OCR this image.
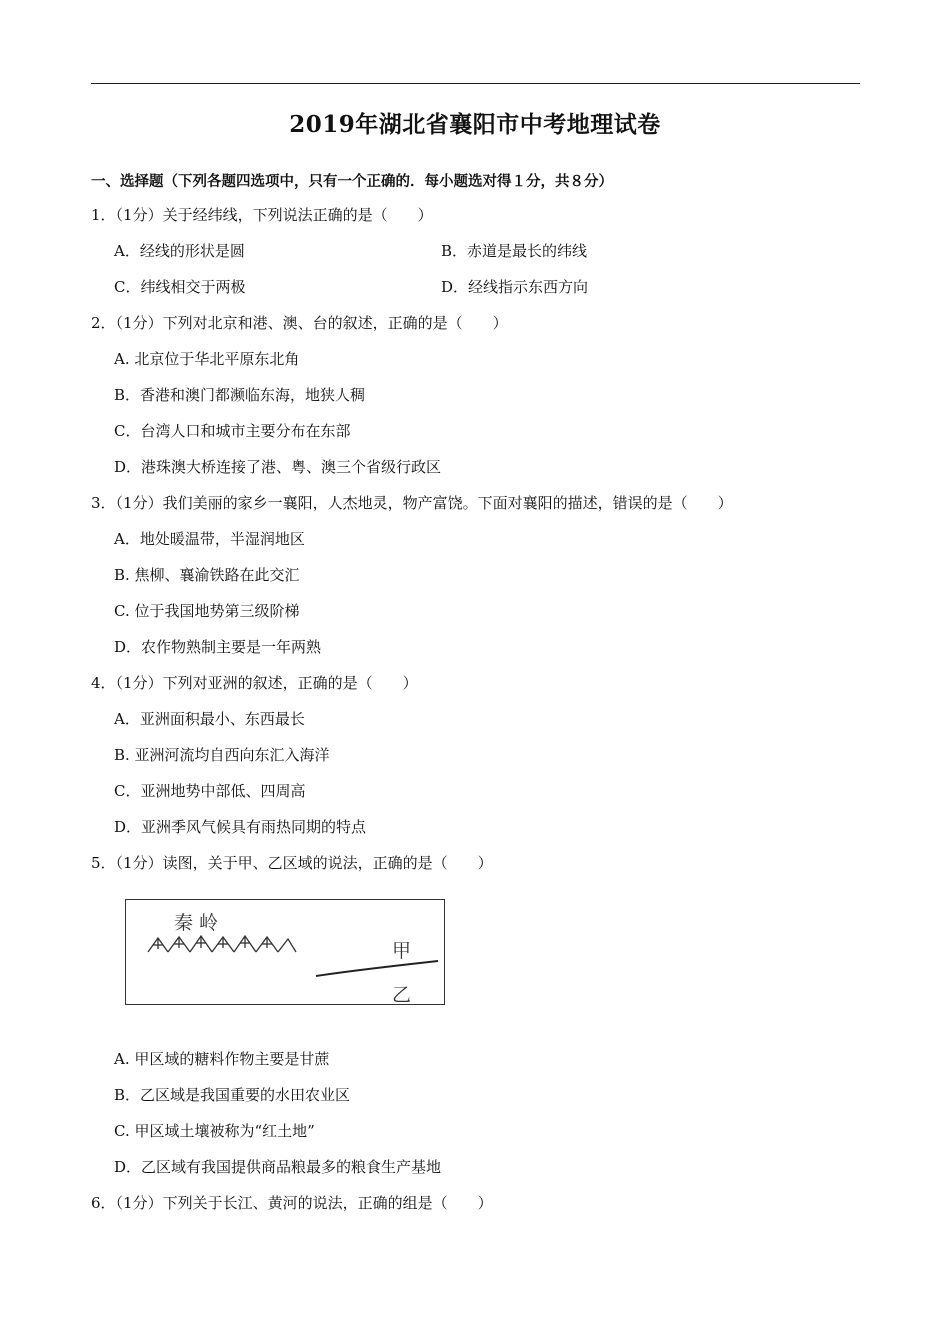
2019年湖北省襄阳市中考地理试卷
一、选择题（下列各题四选项中，只有一个正确的．每小题选对得１分，共８分）
1．（1分）关于经纬线，下列说法正确的是（　　）
A．经线的形状是圆	B．赤道是最长的纬线
C．纬线相交于两极	D．经线指示东西方向
2．（1分）下列对北京和港、澳、台的叙述，正确的是（　　）
A. 北京位于华北平原东北角
B．香港和澳门都濒临东海，地狭人稠
C．台湾人口和城市主要分布在东部
D．港珠澳大桥连接了港、粤、澳三个省级行政区
3．（1分）我们美丽的家乡一襄阳，人杰地灵，物产富饶。下面对襄阳的描述，错误的是（　　）
A．地处暖温带，半湿润地区
B. 焦柳、襄渝铁路在此交汇
C. 位于我国地势第三级阶梯
D．农作物熟制主要是一年两熟
4．（1分）下列对亚洲的叙述，正确的是（　　）
A．亚洲面积最小、东西最长
B. 亚洲河流均自西向东汇入海洋
C．亚洲地势中部低、四周高
D．亚洲季风气候具有雨热同期的特点
5．（1分）读图，关于甲、乙区域的说法，正确的是（　　）
秦 岭
甲
乙
A. 甲区域的糖料作物主要是甘蔗
B．乙区域是我国重要的水田农业区
C. 甲区域土壤被称为“红土地”
D．乙区域有我国提供商品粮最多的粮食生产基地
6．（1分）下列关于长江、黄河的说法，正确的组是（　　）
